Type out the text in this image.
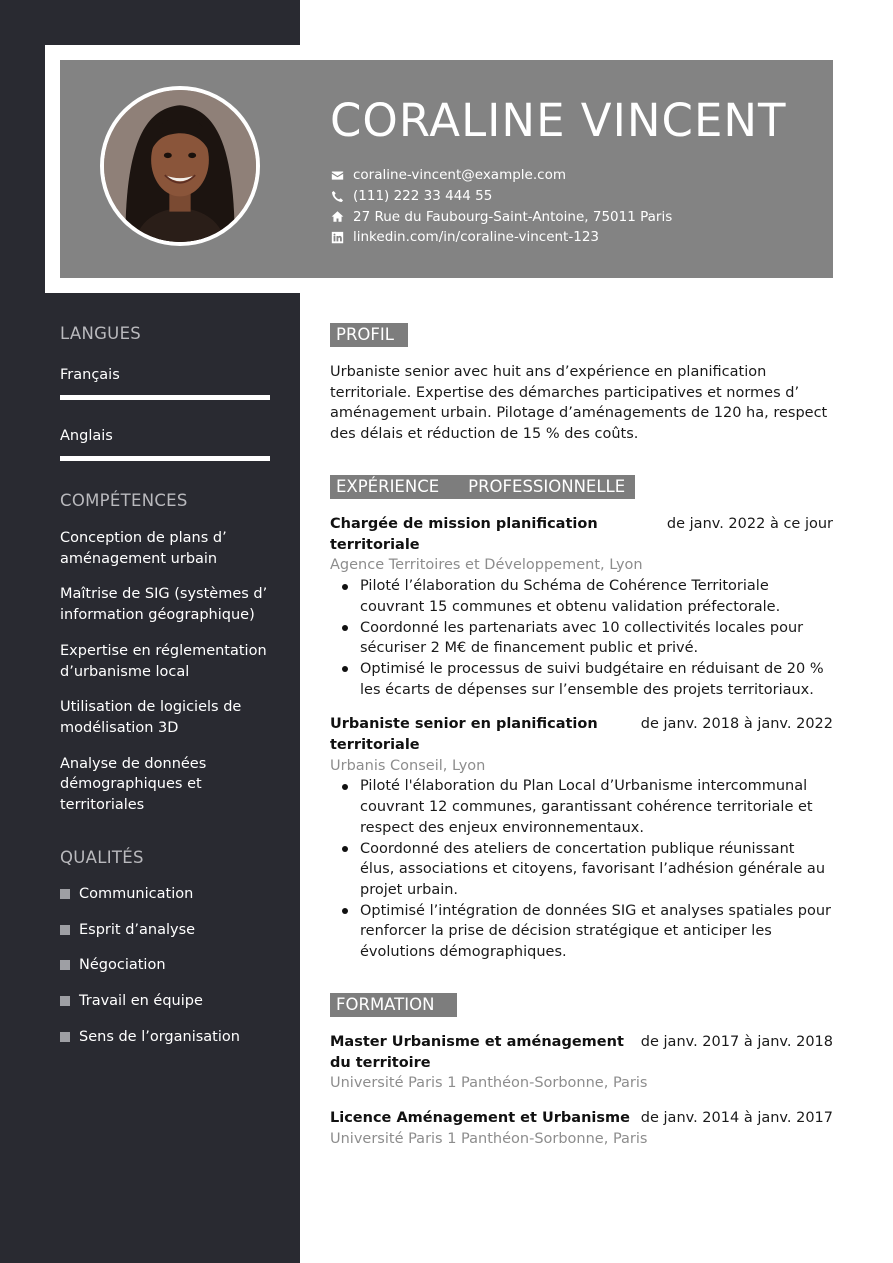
CORALINE VINCENT
coraline-vincent@example.com
(111) 222 33 444 55
27 Rue du Faubourg-Saint-Antoine, 75011 Paris
linkedin.com/in/coraline-vincent-123
LANGUES
Français
Anglais
COMPÉTENCES
Conception de plans d’ aménagement urbain
Maîtrise de SIG (systèmes d’ information géographique)
Expertise en réglementation d’urbanisme local
Utilisation de logiciels de modélisation 3D
Analyse de données démographiques et territoriales
QUALITÉS
Communication
Esprit d’analyse
Négociation
Travail en équipe
Sens de l’organisation
PROFIL

Urbaniste senior avec huit ans d’expérience en planification territoriale. Expertise des démarches participatives et normes d’ aménagement urbain. Pilotage d’aménagements de 120 ha, respect des délais et réduction de 15 % des coûts.

EXPÉRIENCE    PROFESSIONNELLE
Chargée de mission planification territoriale
de janv. 2022 à ce jour
Agence Territoires et Développement, Lyon
Piloté l’élaboration du Schéma de Cohérence Territoriale couvrant 15 communes et obtenu validation préfectorale.
Coordonné les partenariats avec 10 collectivités locales pour sécuriser 2 M€ de financement public et privé.
Optimisé le processus de suivi budgétaire en réduisant de 20 % les écarts de dépenses sur l’ensemble des projets territoriaux.
Urbaniste senior en planification territoriale
de janv. 2018 à janv. 2022
Urbanis Conseil, Lyon
Piloté l'élaboration du Plan Local d’Urbanisme intercommunal couvrant 12 communes, garantissant cohérence territoriale et respect des enjeux environnementaux.
Coordonné des ateliers de concertation publique réunissant élus, associations et citoyens, favorisant l’adhésion générale au projet urbain.
Optimisé l’intégration de données SIG et analyses spatiales pour renforcer la prise de décision stratégique et anticiper les évolutions démographiques.
FORMATION
Master Urbanisme et aménagement du territoire
de janv. 2017 à janv. 2018
Université Paris 1 Panthéon-Sorbonne, Paris
Licence Aménagement et Urbanisme de janv. 2014 à janv. 2017
Université Paris 1 Panthéon-Sorbonne, Paris
